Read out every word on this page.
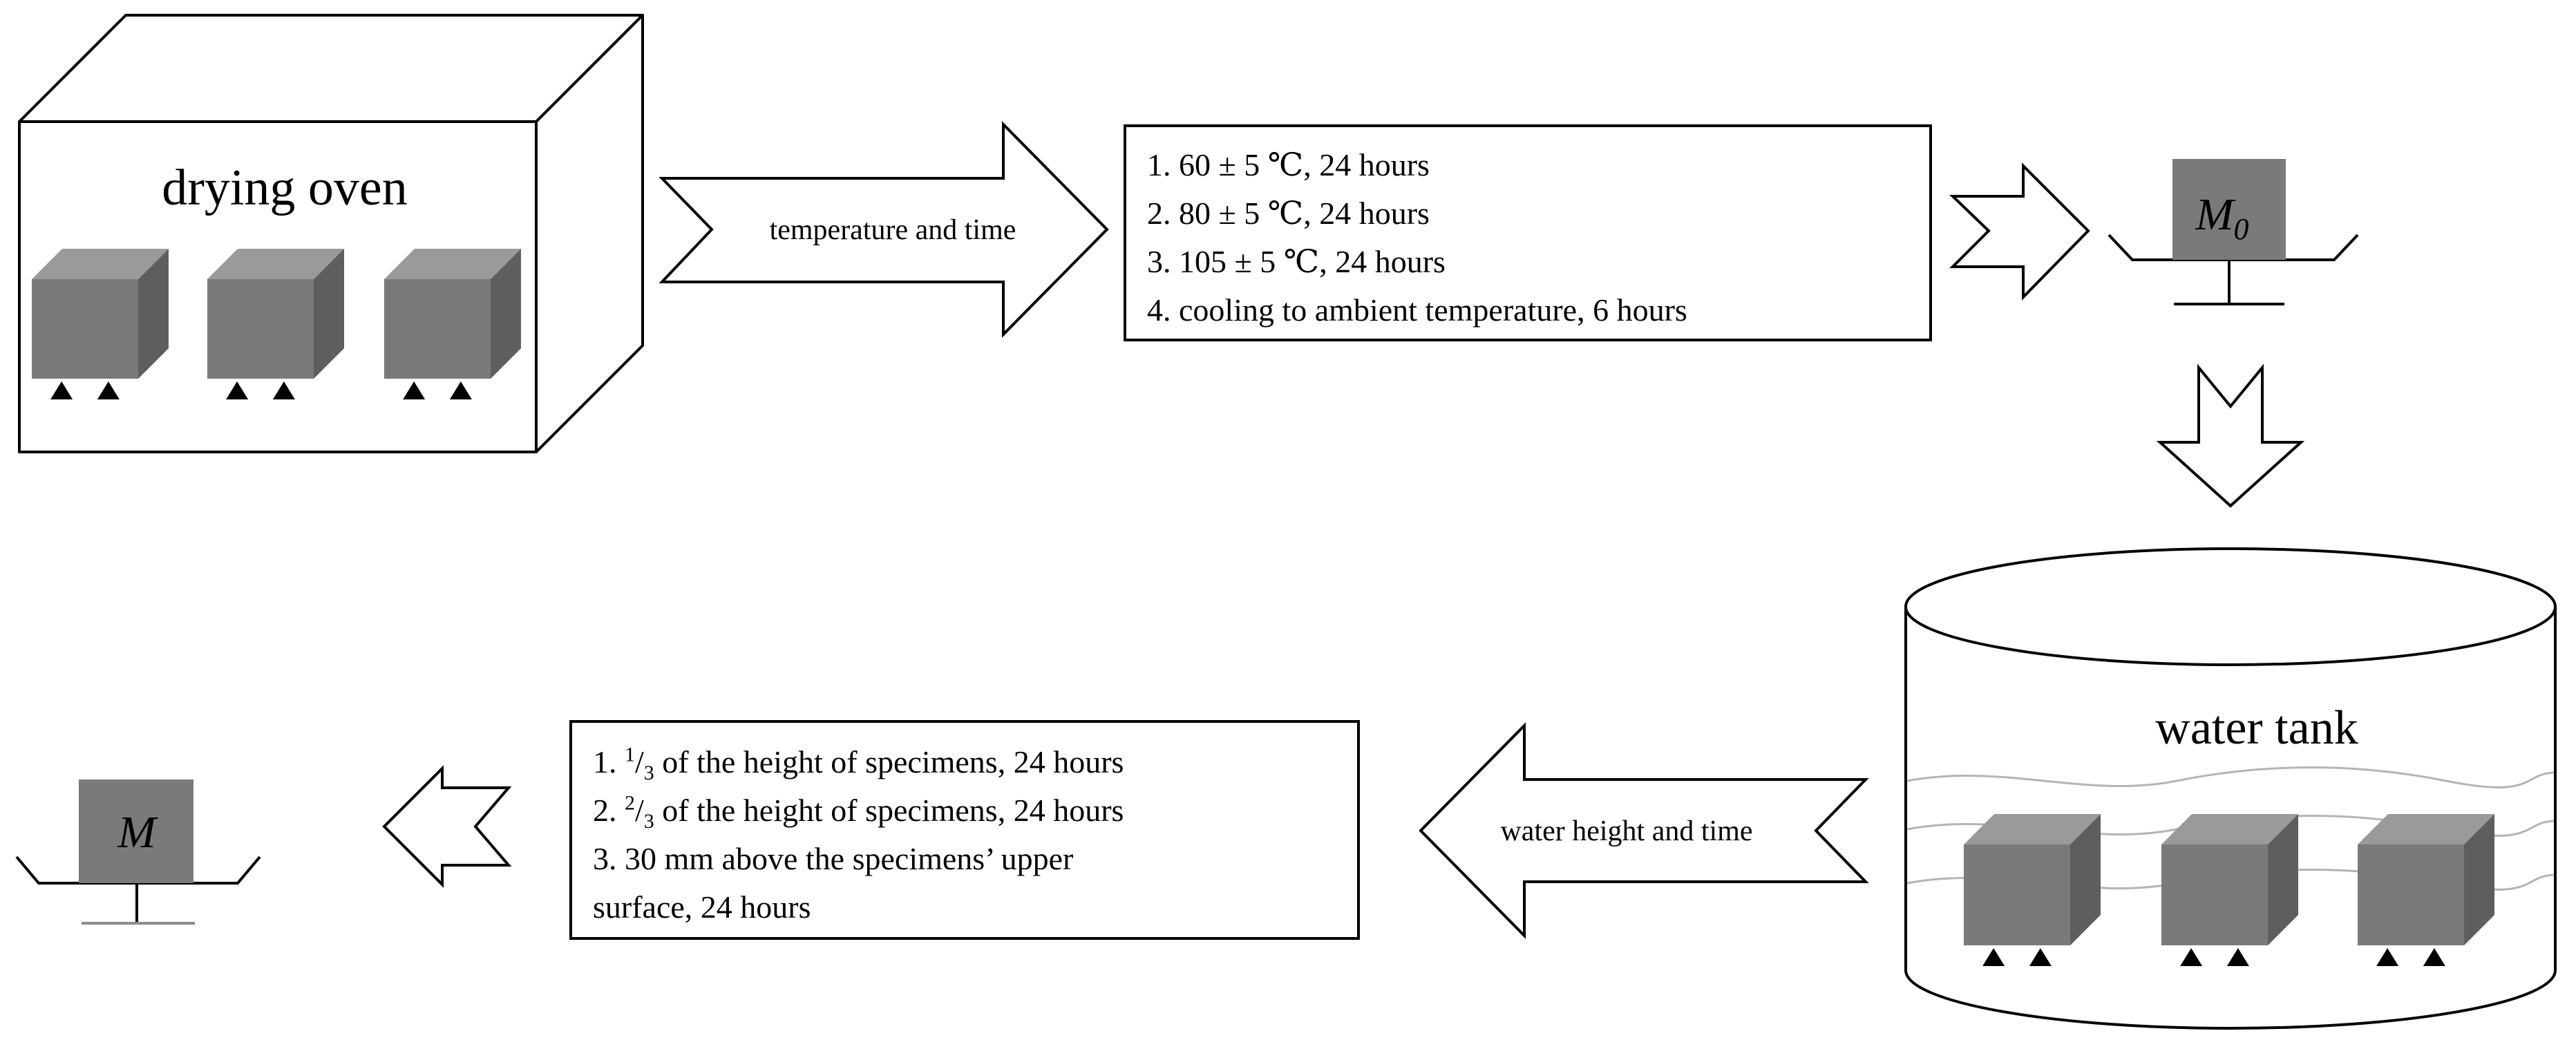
drying oven
temperature and time	$M_0$
water tank
water height and time
M
1. 60 ± 5 ℃, 24 hours
2. 80 ± 5 ℃, 24 hours
3. 105 ± 5 ℃, 24 hours
4. cooling to ambient temperature, 6 hours
1. $^1/_3$ of the height of specimens, 24 hours
2. $^2/_3$ of the height of specimens, 24 hours
3. 30 mm above the specimens’ upper
surface, 24 hours
